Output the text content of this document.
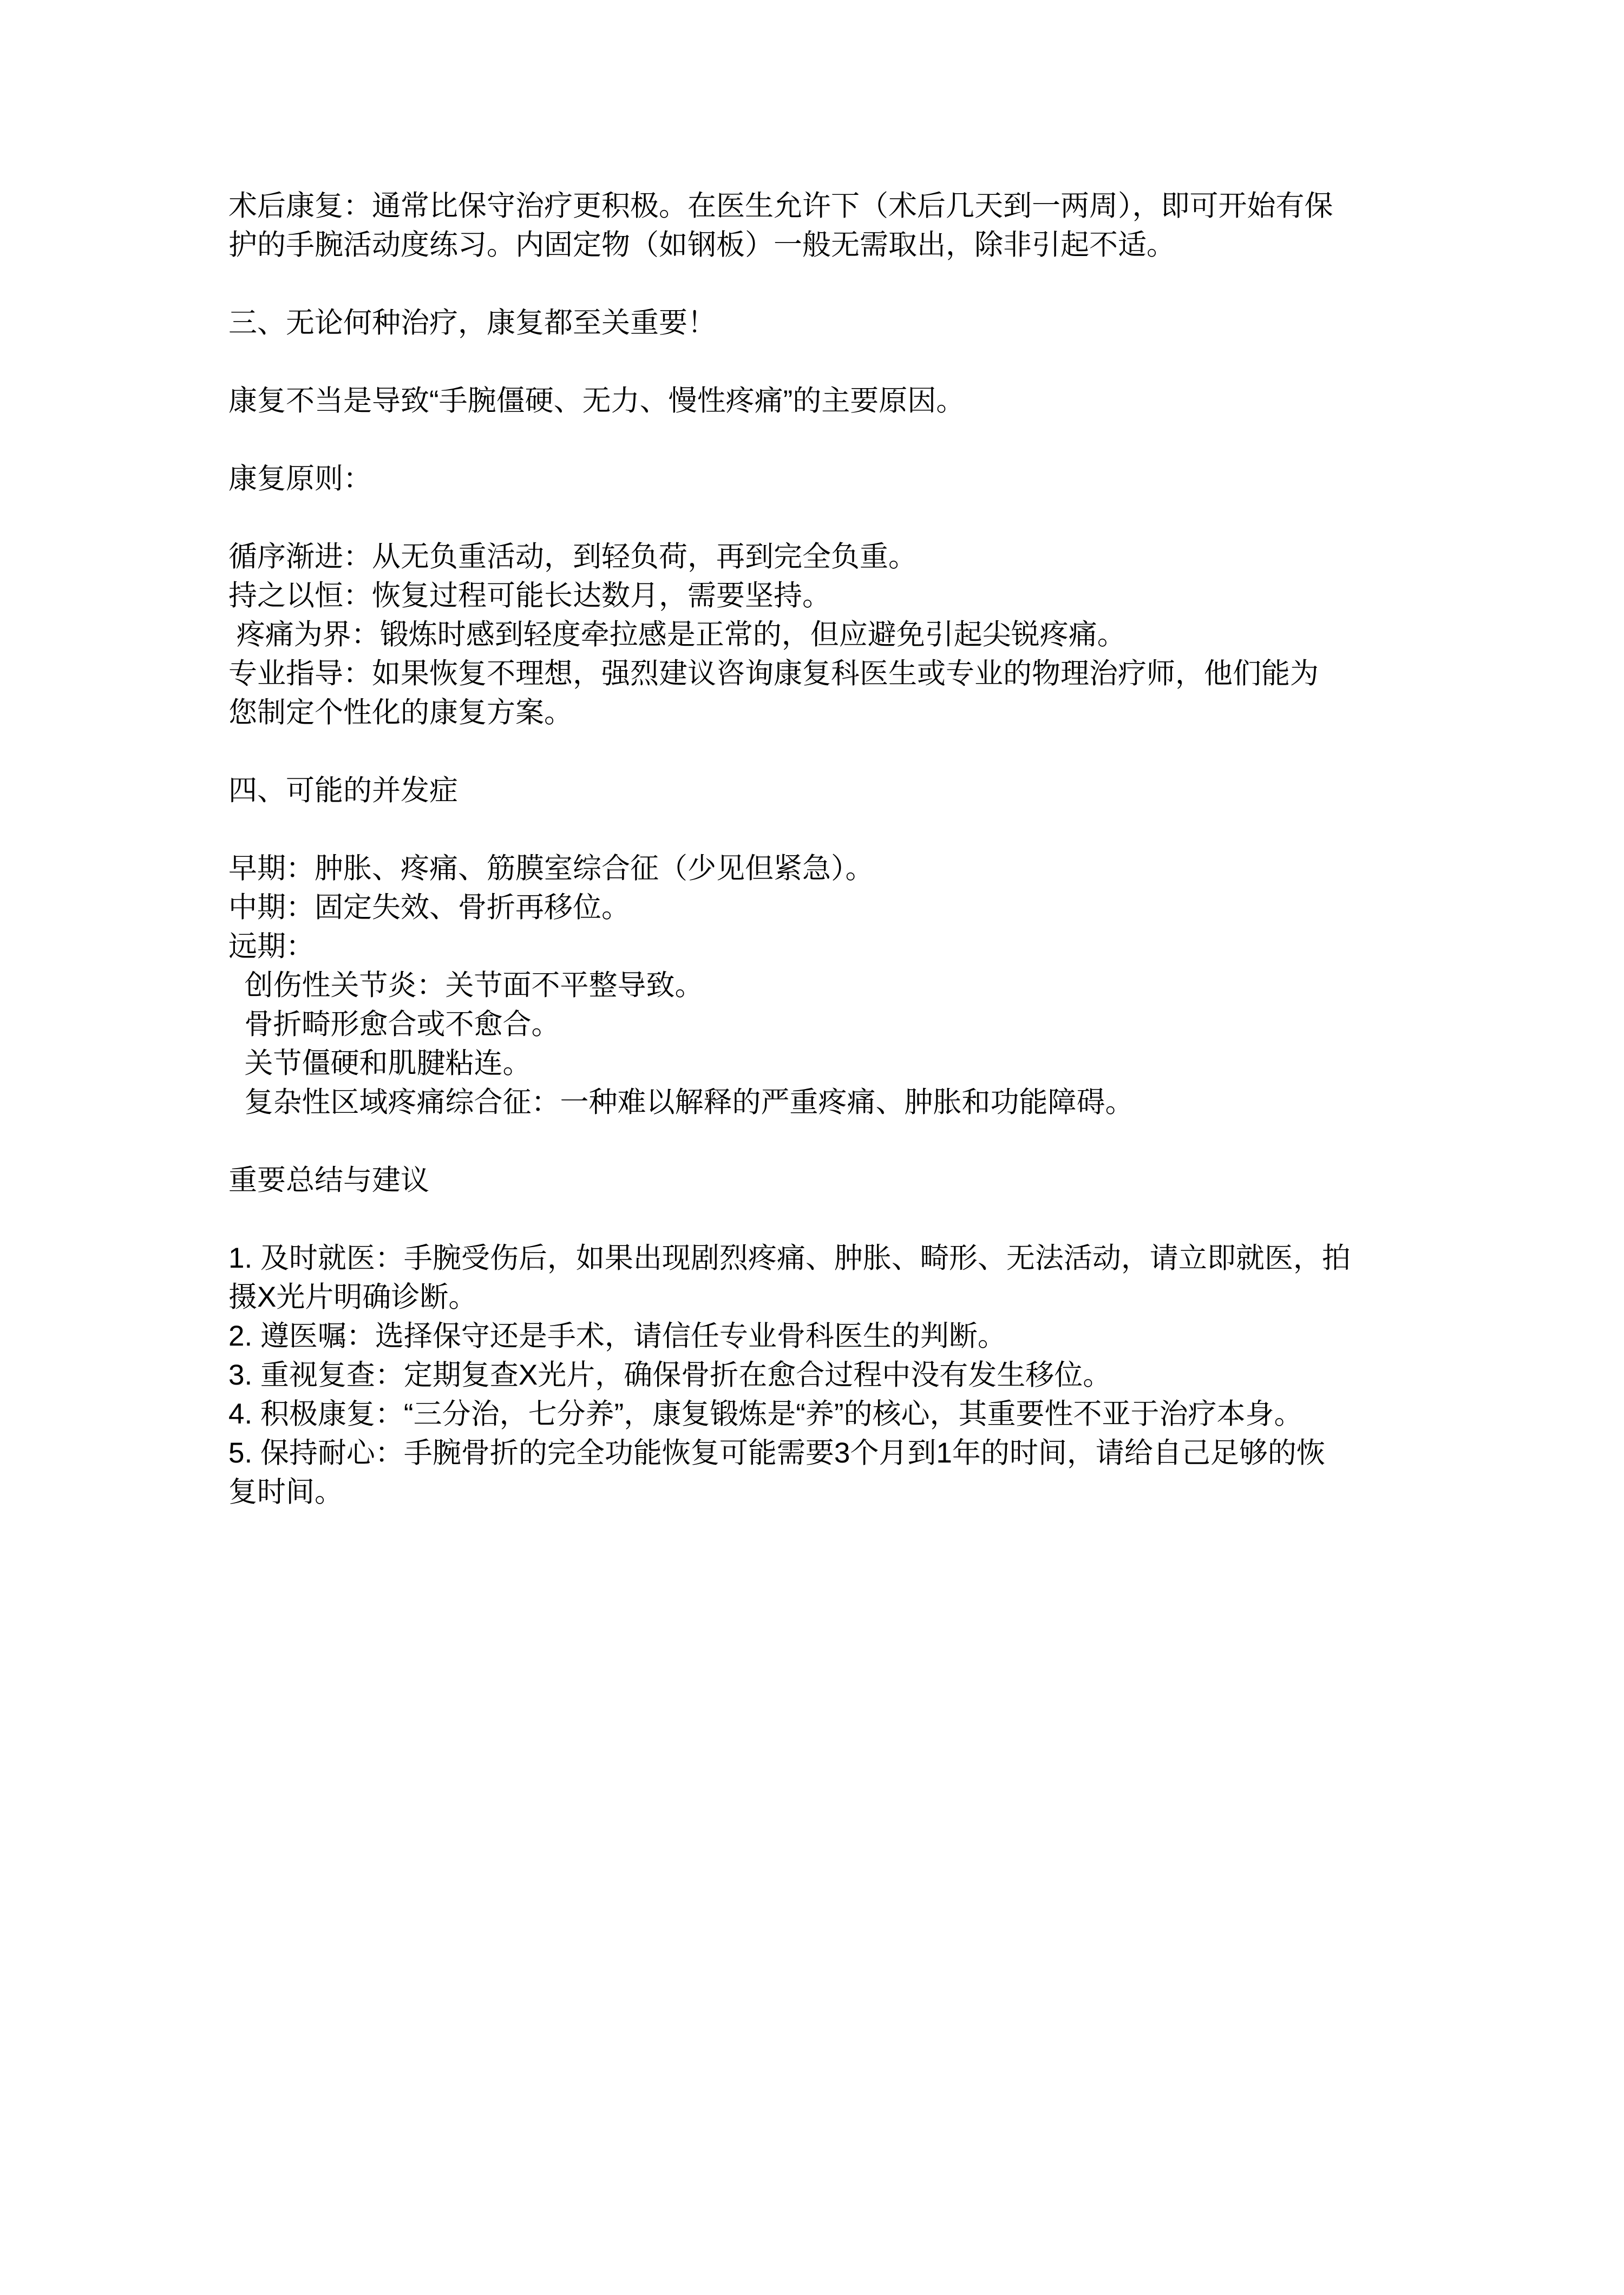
术后康复：通常比保守治疗更积极。在医生允许下（术后几天到一两周），即可开始有保
护的手腕活动度练习。内固定物（如钢板）一般无需取出，除非引起不适。
三、无论何种治疗，康复都至关重要！
康复不当是导致“手腕僵硬、无力、慢性疼痛”的主要原因。
康复原则：
循序渐进：从无负重活动，到轻负荷，再到完全负重。
持之以恒：恢复过程可能长达数月，需要坚持。
疼痛为界：锻炼时感到轻度牵拉感是正常的，但应避免引起尖锐疼痛。
专业指导：如果恢复不理想，强烈建议咨询康复科医生或专业的物理治疗师，他们能为
您制定个性化的康复方案。
四、可能的并发症
早期：肿胀、疼痛、筋膜室综合征（少见但紧急）。
中期：固定失效、骨折再移位。
远期：
创伤性关节炎：关节面不平整导致。
骨折畸形愈合或不愈合。
关节僵硬和肌腱粘连。
复杂性区域疼痛综合征：一种难以解释的严重疼痛、肿胀和功能障碍。
重要总结与建议
1. 及时就医：手腕受伤后，如果出现剧烈疼痛、肿胀、畸形、无法活动，请立即就医，拍
摄X光片明确诊断。
2. 遵医嘱：选择保守还是手术，请信任专业骨科医生的判断。
3. 重视复查：定期复查X光片，确保骨折在愈合过程中没有发生移位。
4. 积极康复：“三分治，七分养”，康复锻炼是“养”的核心，其重要性不亚于治疗本身。
5. 保持耐心：手腕骨折的完全功能恢复可能需要3个月到1年的时间，请给自己足够的恢
复时间。
